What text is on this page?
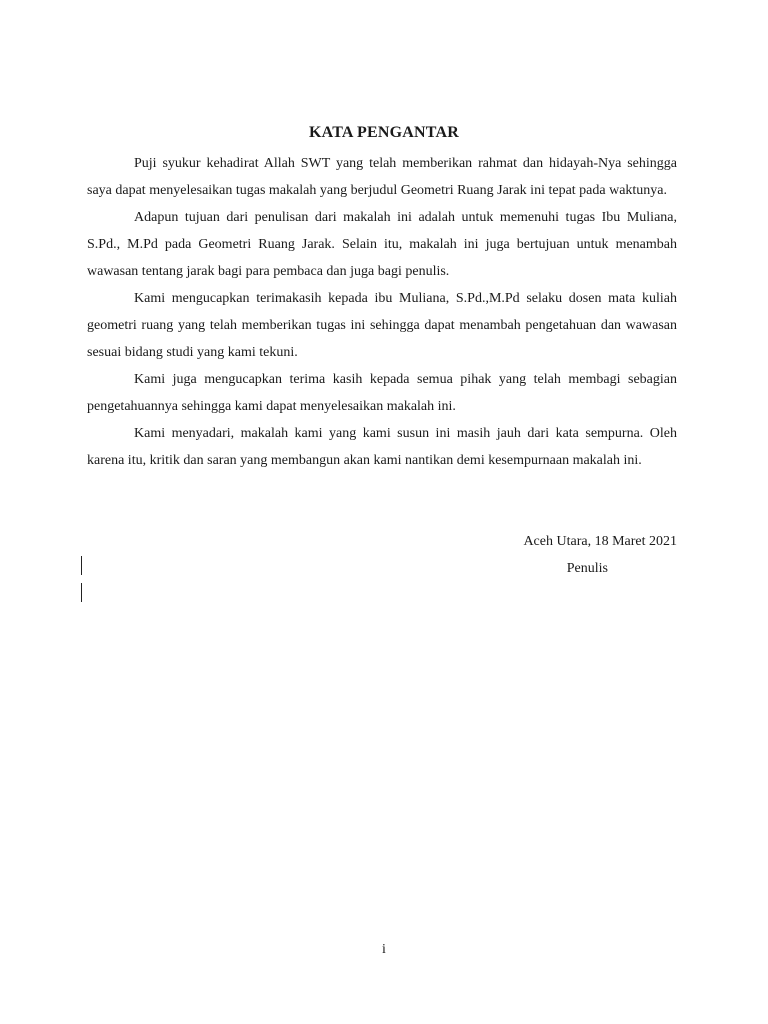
KATA PENGANTAR

Puji syukur kehadirat Allah SWT yang telah memberikan rahmat dan hidayah-Nya sehingga saya dapat menyelesaikan tugas makalah yang berjudul Geometri Ruang Jarak ini tepat pada waktunya.

Adapun tujuan dari penulisan dari makalah ini adalah untuk memenuhi tugas Ibu Muliana, S.Pd., M.Pd pada Geometri Ruang Jarak. Selain itu, makalah ini juga bertujuan untuk menambah wawasan tentang jarak bagi para pembaca dan juga bagi penulis.

Kami mengucapkan terimakasih kepada ibu Muliana, S.Pd.,M.Pd selaku dosen mata kuliah geometri ruang yang telah memberikan tugas ini sehingga dapat menambah pengetahuan dan wawasan sesuai bidang studi yang kami tekuni.

Kami juga mengucapkan terima kasih kepada semua pihak yang telah membagi sebagian pengetahuannya sehingga kami dapat menyelesaikan makalah ini.

Kami menyadari, makalah kami yang kami susun ini masih jauh dari kata sempurna. Oleh karena itu, kritik dan saran yang membangun akan kami nantikan demi kesempurnaan makalah ini.

Aceh Utara, 18 Maret 2021
Penulis
i
